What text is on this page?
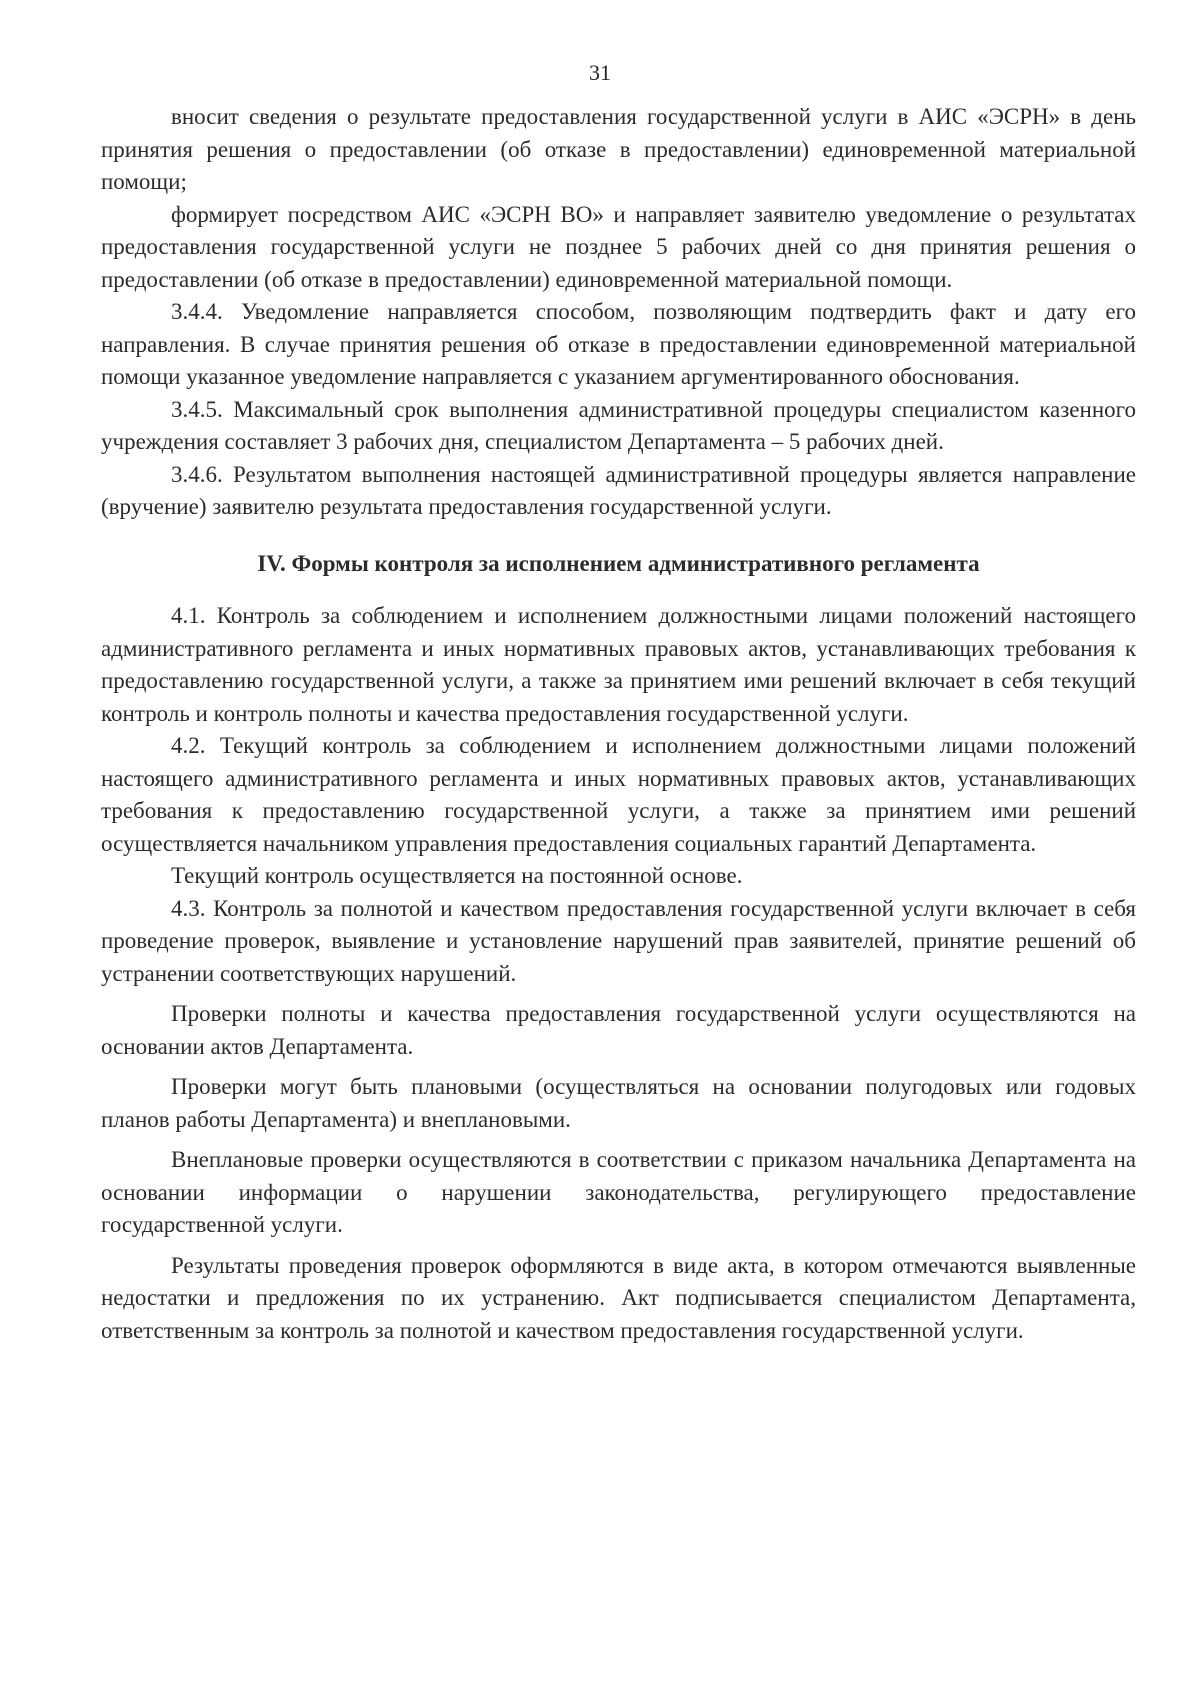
31

вносит сведения о результате предоставления государственной услуги в АИС «ЭСРН» в день принятия решения о предоставлении (об отказе в предоставлении) единовременной материальной помощи;

формирует посредством АИС «ЭСРН ВО» и направляет заявителю уведомление о результатах предоставления государственной услуги не позднее 5 рабочих дней со дня принятия решения о предоставлении (об отказе в предоставлении) единовременной материальной помощи.

3.4.4. Уведомление направляется способом, позволяющим подтвердить факт и дату его направления. В случае принятия решения об отказе в предоставлении единовременной материальной помощи указанное уведомление направляется с указанием аргументированного обоснования.

3.4.5. Максимальный срок выполнения административной процедуры специалистом казенного учреждения составляет 3 рабочих дня, специалистом Департамента – 5 рабочих дней.

3.4.6. Результатом выполнения настоящей административной процедуры является направление (вручение) заявителю результата предоставления государственной услуги.

IV. Формы контроля за исполнением административного регламента

4.1. Контроль за соблюдением и исполнением должностными лицами положений настоящего административного регламента и иных нормативных правовых актов, устанавливающих требования к предоставлению государственной услуги, а также за принятием ими решений включает в себя текущий контроль и контроль полноты и качества предоставления государственной услуги.

4.2. Текущий контроль за соблюдением и исполнением должностными лицами положений настоящего административного регламента и иных нормативных правовых актов, устанавливающих требования к предоставлению государственной услуги, а также за принятием ими решений осуществляется начальником управления предоставления социальных гарантий Департамента.

Текущий контроль осуществляется на постоянной основе.

4.3. Контроль за полнотой и качеством предоставления государственной услуги включает в себя проведение проверок, выявление и установление нарушений прав заявителей, принятие решений об устранении соответствующих нарушений.

Проверки полноты и качества предоставления государственной услуги осуществляются на основании актов Департамента.

Проверки могут быть плановыми (осуществляться на основании полугодовых или годовых планов работы Департамента) и внеплановыми.

Внеплановые проверки осуществляются в соответствии с приказом начальника Департамента на основании информации о нарушении законодательства, регулирующего предоставление государственной услуги.

Результаты проведения проверок оформляются в виде акта, в котором отмечаются выявленные недостатки и предложения по их устранению. Акт подписывается специалистом Департамента, ответственным за контроль за полнотой и качеством предоставления государственной услуги.
